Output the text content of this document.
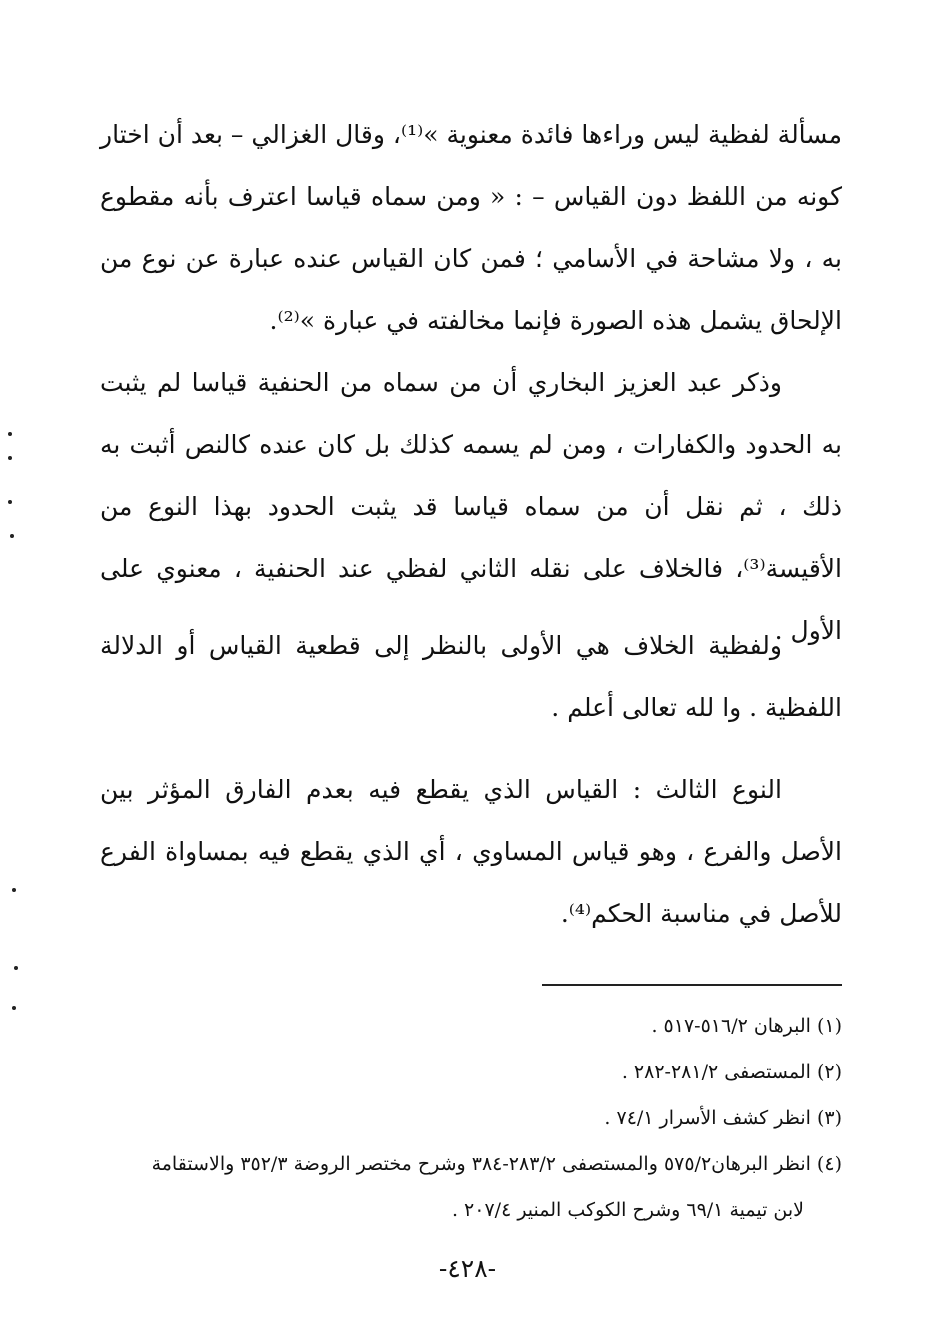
مسألة لفظية ليس وراءها فائدة معنوية »⁽¹⁾، وقال الغزالي – بعد أن اختار كونه من اللفظ دون القياس – : « ومن سماه قياسا اعترف بأنه مقطوع به ، ولا مشاحة في الأسامي ؛ فمن كان القياس عنده عبارة عن نوع من الإلحاق يشمل هذه الصورة فإنما مخالفته في عبارة »⁽²⁾.

وذكر عبد العزيز البخاري أن من سماه من الحنفية قياسا لم يثبت به الحدود والكفارات ، ومن لم يسمه كذلك بل كان عنده كالنص أثبت به ذلك ، ثم نقل أن من سماه قياسا قد يثبت الحدود بهذا النوع من الأقيسة⁽³⁾، فالخلاف على نقله الثاني لفظي عند الحنفية ، معنوي على الأول .

ولفظية الخلاف هي الأولى بالنظر إلى قطعية القياس أو الدلالة اللفظية . وا لله تعالى أعلم .

النوع الثالث : القياس الذي يقطع فيه بعدم الفارق المؤثر بين الأصل والفرع ، وهو قياس المساوي ، أي الذي يقطع فيه بمساواة الفرع للأصل في مناسبة الحكم⁽⁴⁾.

(١) البرهان ٥١٦/٢-٥١٧ .

(٢) المستصفى ٢٨١/٢-٢٨٢ .

(٣) انظر كشف الأسرار ٧٤/١ .

(٤) انظر البرهان٥٧٥/٢ والمستصفى ٢٨٣/٢-٣٨٤ وشرح مختصر الروضة ٣٥٢/٣ والاستقامة

لابن تيمية ٦٩/١ وشرح الكوكب المنير ٢٠٧/٤ .

-٤٢٨-
